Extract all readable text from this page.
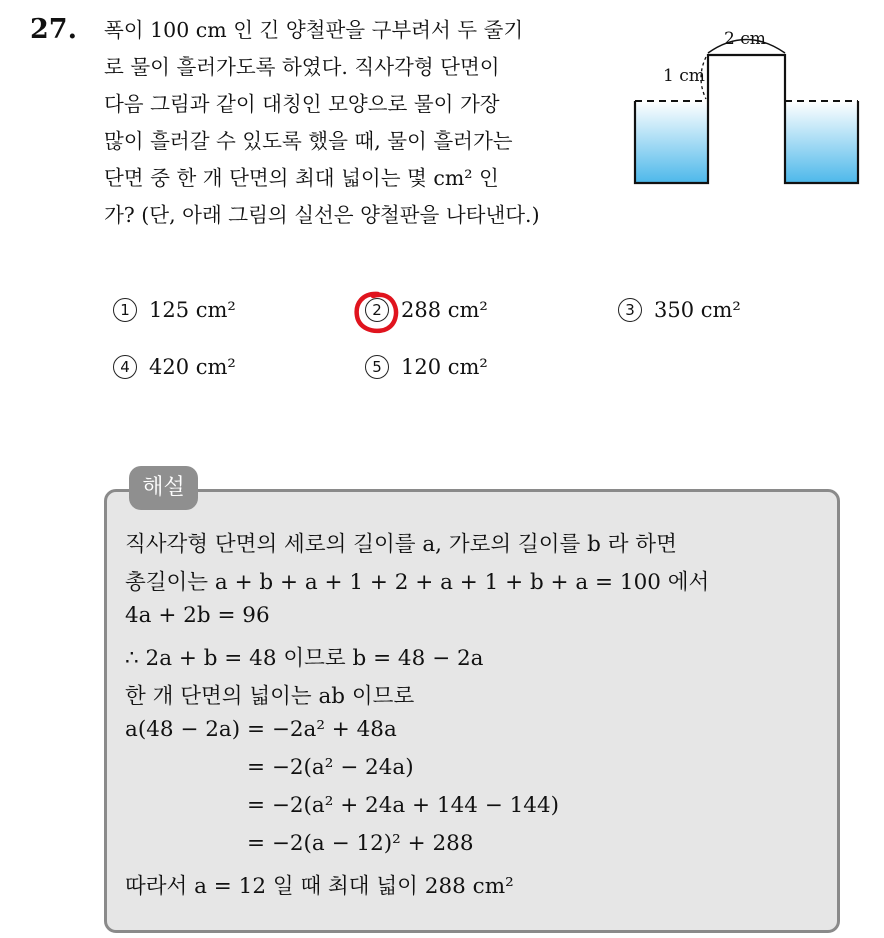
27. 폭이 100 cm 인 긴 양철판을 구부려서 두 줄기
로 물이 흘러가도록 하였다. 직사각형 단면이
다음 그림과 같이 대칭인 모양으로 물이 가장
많이 흘러갈 수 있도록 했을 때, 물이 흘러가는
단면 중 한 개 단면의 최대 넓이는 몇 cm² 인
가? (단, 아래 그림의 실선은 양철판을 나타낸다.)
2 cm
1 cm
1 125 cm²	2 288 cm²	3 350 cm²
4 420 cm²	5 120 cm²
해설
직사각형 단면의 세로의 길이를 a, 가로의 길이를 b 라 하면
총길이는 a + b + a + 1 + 2 + a + 1 + b + a = 100 에서
4a + 2b = 96
∴ 2a + b = 48 이므로 b = 48 − 2a
한 개 단면의 넓이는 ab 이므로
a(48 − 2a) = −2a² + 48a
= −2(a² − 24a)
= −2(a² + 24a + 144 − 144)
= −2(a − 12)² + 288
따라서 a = 12 일 때 최대 넓이 288 cm²
